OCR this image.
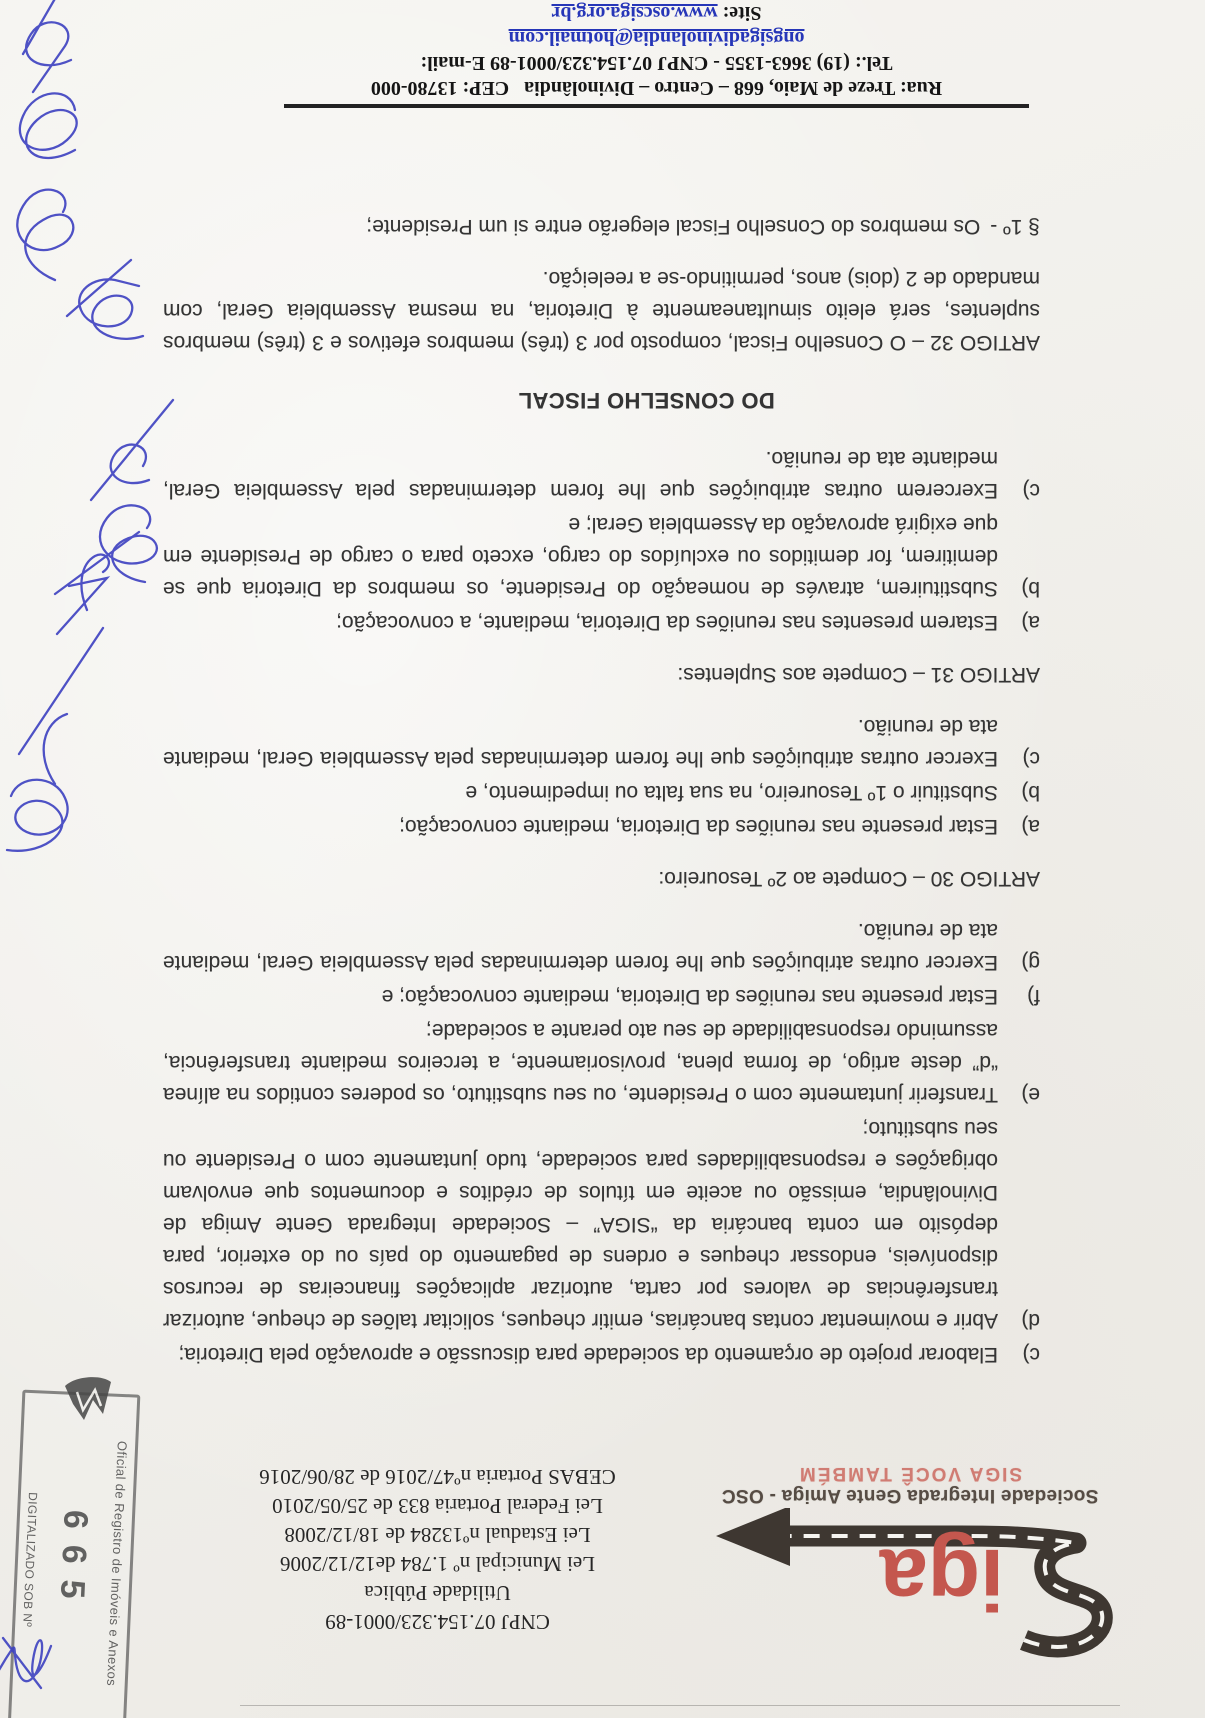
iga
Sociedade Integrada Gente Amiga - OSC
SIGA VOCÊ TAMBÉM
CNPJ 07.154.323/0001-89
Utilidade Pública
Lei Municipal nº 1.784 de12/12/2006
Lei Estadual nº13284 de 18/12/2008
Lei Federal Portaria 833 de 25/05/2010
CEBAS Portaria nº47/2016 de 28/06/2016
Oficial de Registro de Imóveis e Anexos
665
DIGITALIZADO SOB Nº
c)Elaborar projeto de orçamento da sociedade para discussão e aprovação pela Diretoria;
d)Abrir e movimentar contas bancárias, emitir cheques, solicitar talões de cheque, autorizar transferências de valores por carta, autorizar aplicações financeiras de recursos disponíveis, endossar cheques e ordens de pagamento do país ou do exterior, para depósito em conta bancária da “SIGA” – Sociedade Integrada Gente Amiga de Divinolândia, emissão ou aceite em títulos de créditos e documentos que envolvam obrigações e responsabilidades para sociedade, tudo juntamente com o Presidente ou seu substituto;
e)Transferir juntamente com o Presidente, ou seu substituto, os poderes contidos na alínea “d” deste artigo, de forma plena, provisoriamente, a terceiros mediante transferência, assumindo responsabilidade de seu ato perante a sociedade;
f)Estar presente nas reuniões da Diretoria, mediante convocação; e
g)Exercer outras atribuições que lhe forem determinadas pela Assembleia Geral, mediante ata de reunião.
ARTIGO 30 – Compete ao 2º Tesoureiro:
a)Estar presente nas reuniões da Diretoria, mediante convocação;
b)Substituir o 1º Tesoureiro, na sua falta ou impedimento, e
c)Exercer outras atribuições que lhe forem determinadas pela Assembleia Geral, mediante ata de reunião.
ARTIGO 31 – Compete aos Suplentes:
a)Estarem presentes nas reuniões da Diretoria, mediante, a convocação;
b)Substituirem, através de nomeação do Presidente, os membros da Diretoria que se demitirem, for demitidos ou excluídos do cargo, exceto para o cargo de Presidente em que exigirá aprovação da Assembleia Geral; e
c)Exercerem outras atribuições que lhe forem determinadas pela Assembleia Geral, mediante ata de reunião.
DO CONSELHO FISCAL
ARTIGO 32 – O Conselho Fiscal, composto por 3 (três) membros efetivos e 3 (três) membros suplentes, será eleito simultaneamente à Diretoria, na mesma Assembleia Geral, com mandado de 2 (dois) anos, permitindo-se a reeleição.
§ 1º -Os membros do Conselho Fiscal elegerão entre si um Presidente;
Rua: Treze de Maio, 668 – Centro – Divinolândia   CEP: 13780-000
Tel.: (19) 3663-1355 - CNPJ 07.154.323/0001-89 E-mail: ongsigadivinolandia@hotmail.com
Site: www.oscsiga.org.br
